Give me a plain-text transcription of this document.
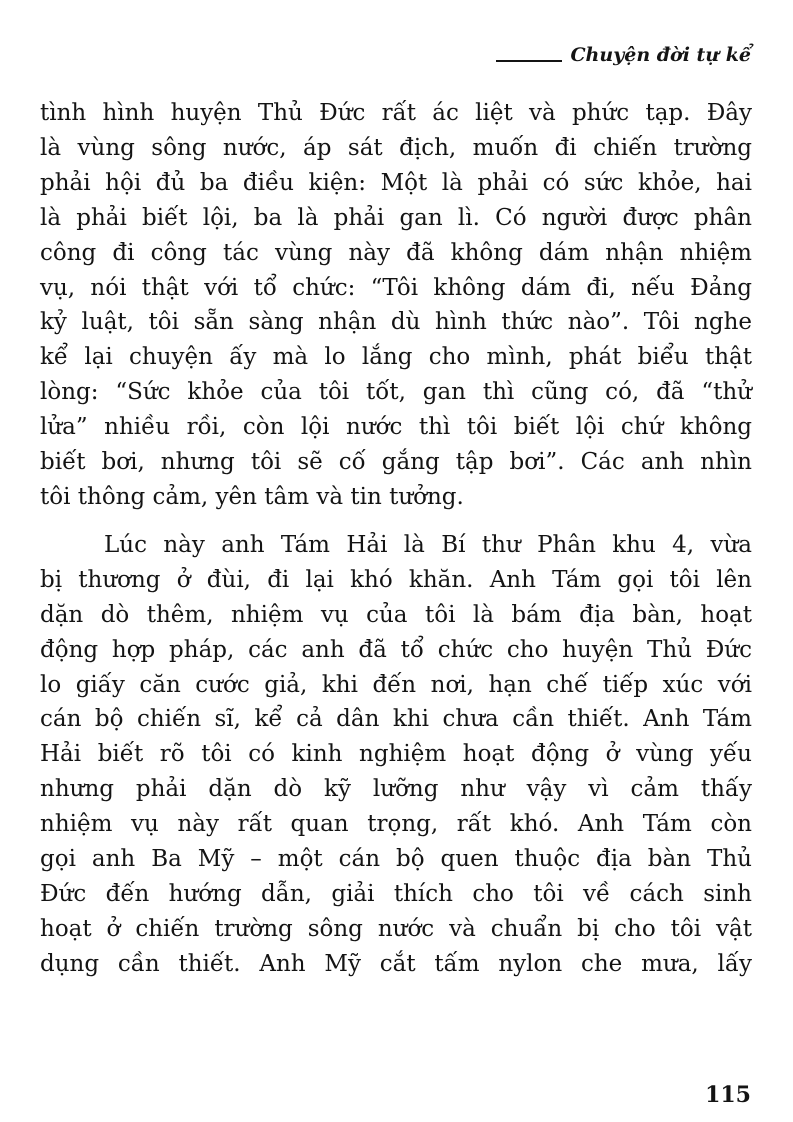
Chuyện đời tự kể

tình hình huyện Thủ Đức rất ác liệt và phức tạp. Đây
là vùng sông nước, áp sát địch, muốn đi chiến trường
phải hội đủ ba điều kiện: Một là phải có sức khỏe, hai
là phải biết lội, ba là phải gan lì. Có người được phân
công đi công tác vùng này đã không dám nhận nhiệm
vụ, nói thật với tổ chức: “Tôi không dám đi, nếu Đảng
kỷ luật, tôi sẵn sàng nhận dù hình thức nào”. Tôi nghe
kể lại chuyện ấy mà lo lắng cho mình, phát biểu thật
lòng: “Sức khỏe của tôi tốt, gan thì cũng có, đã “thử
lửa” nhiều rồi, còn lội nước thì tôi biết lội chứ không
biết bơi, nhưng tôi sẽ cố gắng tập bơi”. Các anh nhìn
tôi thông cảm, yên tâm và tin tưởng.

Lúc này anh Tám Hải là Bí thư Phân khu 4, vừa
bị thương ở đùi, đi lại khó khăn. Anh Tám gọi tôi lên
dặn dò thêm, nhiệm vụ của tôi là bám địa bàn, hoạt
động hợp pháp, các anh đã tổ chức cho huyện Thủ Đức
lo giấy căn cước giả, khi đến nơi, hạn chế tiếp xúc với
cán bộ chiến sĩ, kể cả dân khi chưa cần thiết. Anh Tám
Hải biết rõ tôi có kinh nghiệm hoạt động ở vùng yếu
nhưng phải dặn dò kỹ lưỡng như vậy vì cảm thấy
nhiệm vụ này rất quan trọng, rất khó. Anh Tám còn
gọi anh Ba Mỹ – một cán bộ quen thuộc địa bàn Thủ
Đức đến hướng dẫn, giải thích cho tôi về cách sinh
hoạt ở chiến trường sông nước và chuẩn bị cho tôi vật
dụng cần thiết. Anh Mỹ cắt tấm nylon che mưa, lấy

115
